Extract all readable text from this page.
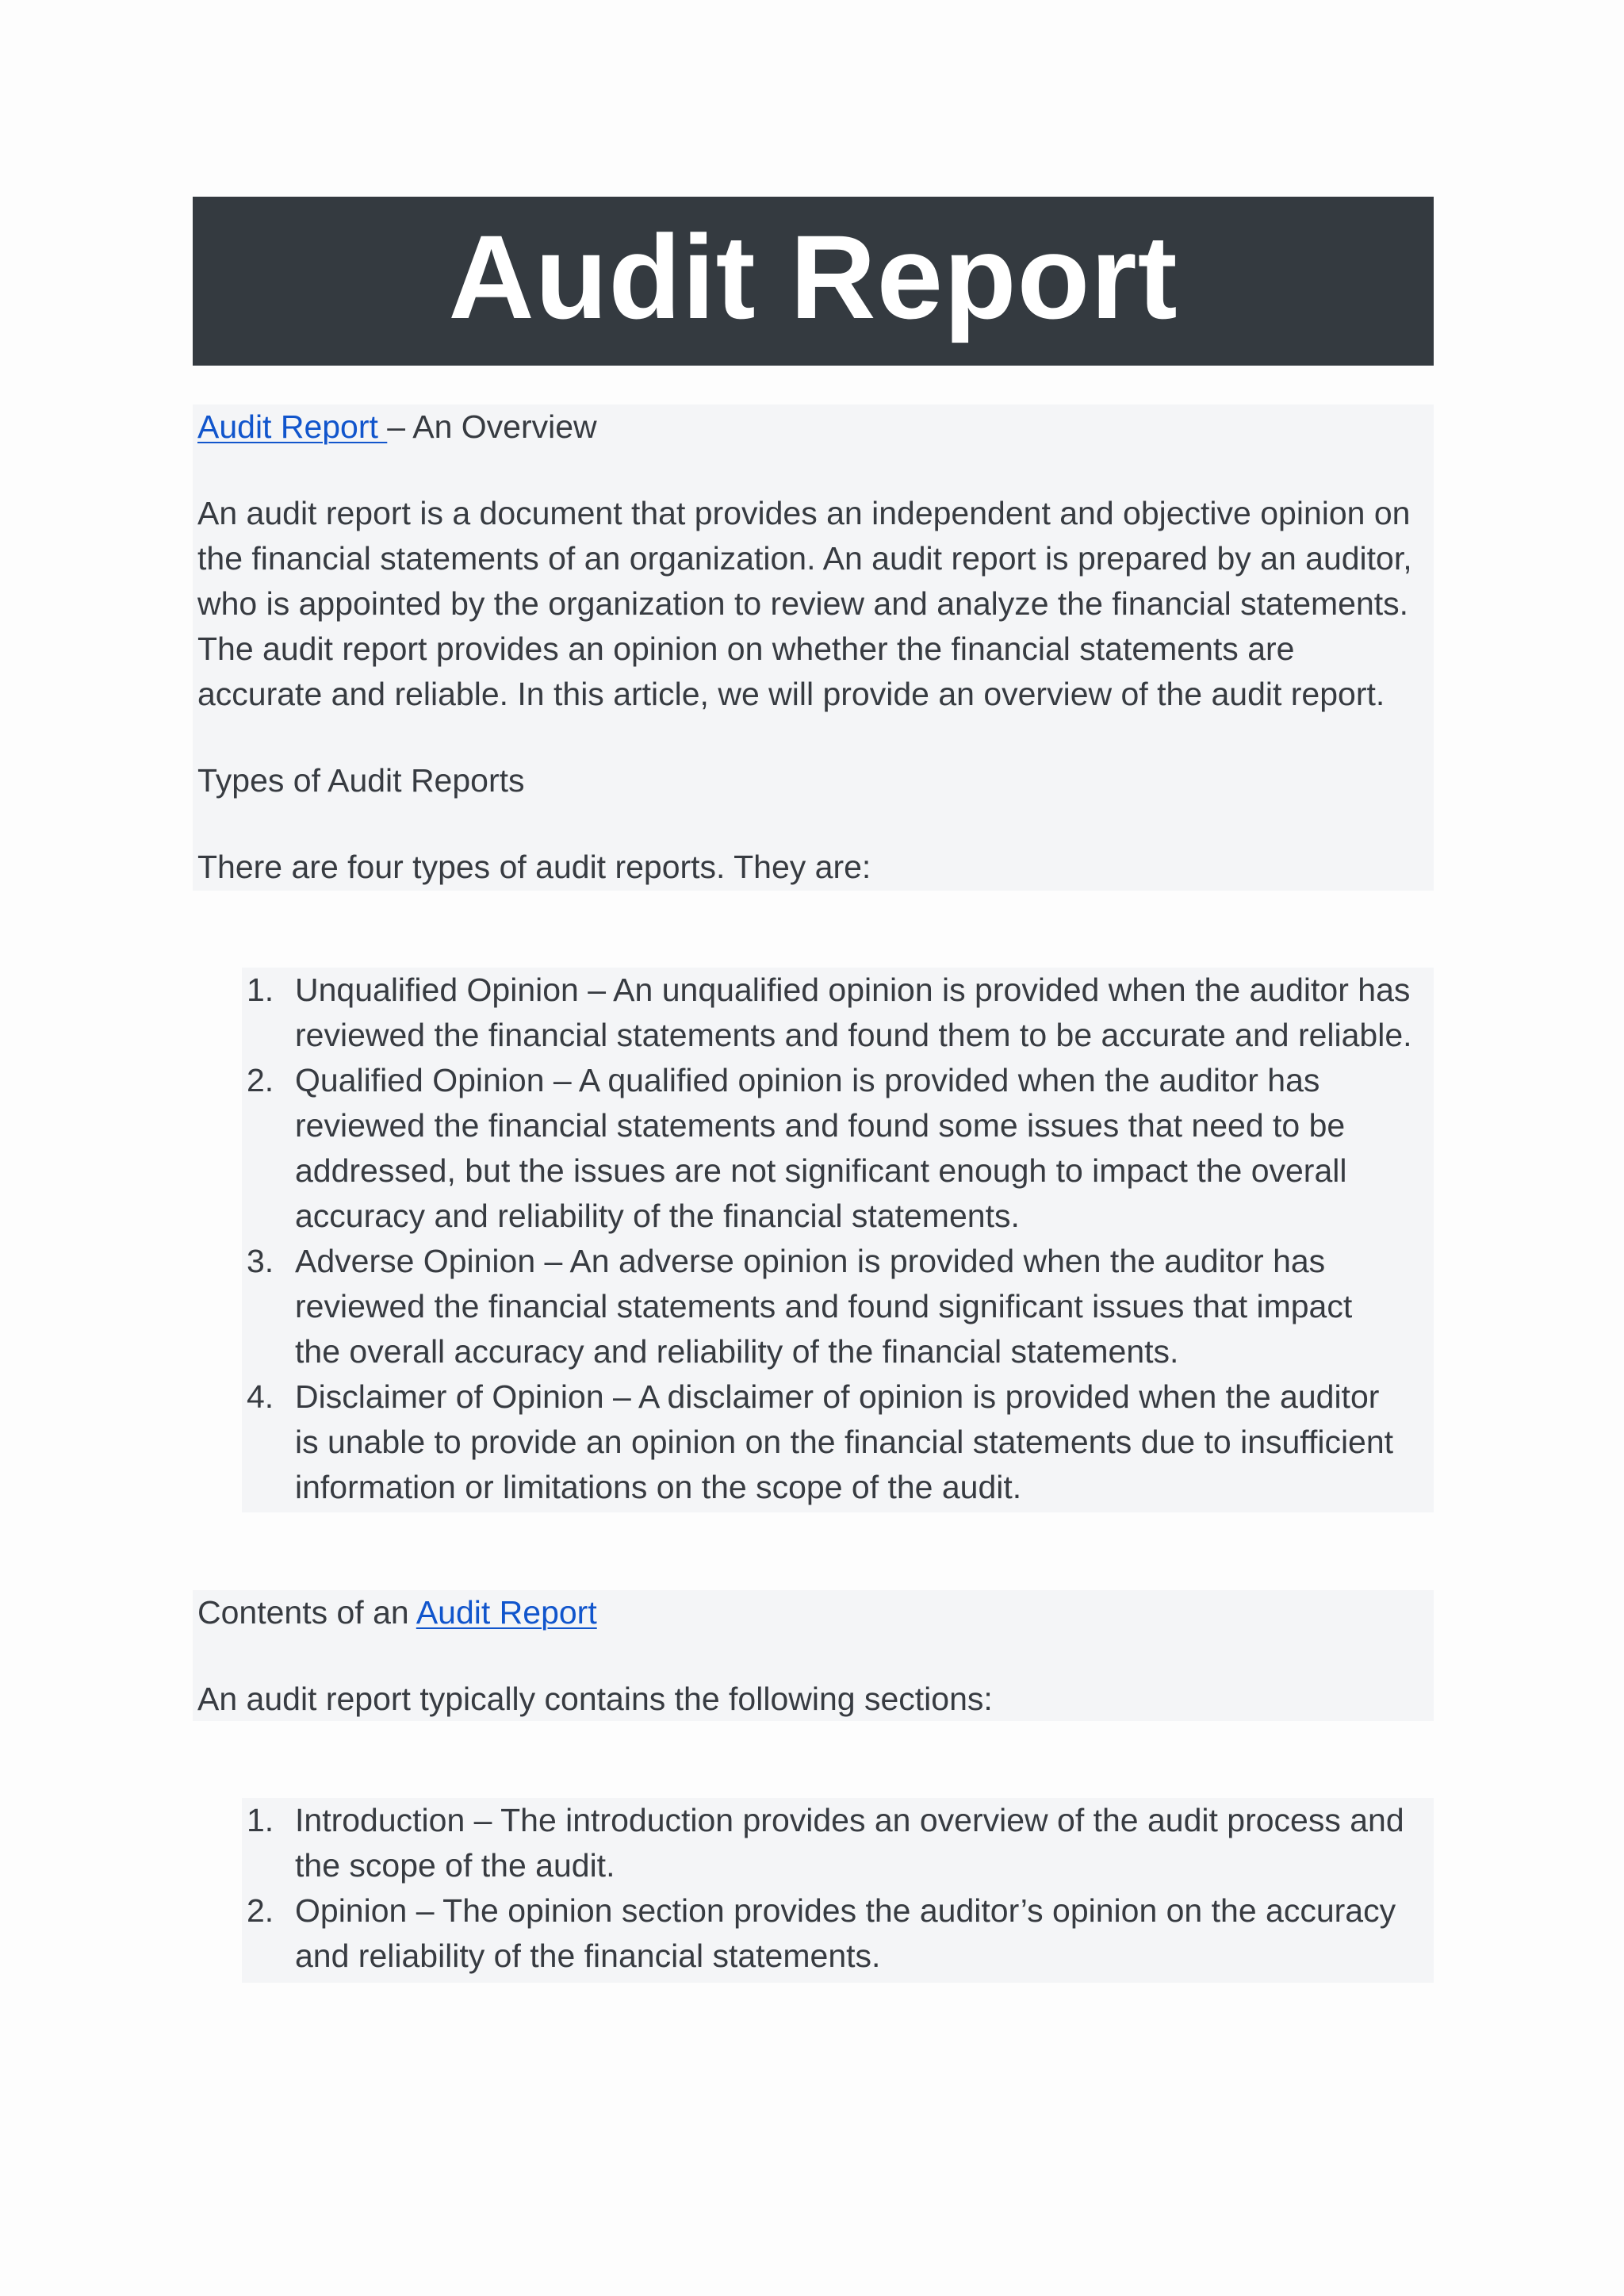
Audit Report

Audit Report – An Overview

An audit report is a document that provides an independent and objective opinion on

the financial statements of an organization. An audit report is prepared by an auditor,

who is appointed by the organization to review and analyze the financial statements.

The audit report provides an opinion on whether the financial statements are

accurate and reliable. In this article, we will provide an overview of the audit report.

Types of Audit Reports

There are four types of audit reports. They are:

1. Unqualified Opinion – An unqualified opinion is provided when the auditor has
reviewed the financial statements and found them to be accurate and reliable.
2. Qualified Opinion – A qualified opinion is provided when the auditor has
reviewed the financial statements and found some issues that need to be
addressed, but the issues are not significant enough to impact the overall
accuracy and reliability of the financial statements.
3. Adverse Opinion – An adverse opinion is provided when the auditor has
reviewed the financial statements and found significant issues that impact
the overall accuracy and reliability of the financial statements.
4. Disclaimer of Opinion – A disclaimer of opinion is provided when the auditor
is unable to provide an opinion on the financial statements due to insufficient
information or limitations on the scope of the audit.

Contents of an Audit Report

An audit report typically contains the following sections:

1. Introduction – The introduction provides an overview of the audit process and
the scope of the audit.
2. Opinion – The opinion section provides the auditor’s opinion on the accuracy
and reliability of the financial statements.
